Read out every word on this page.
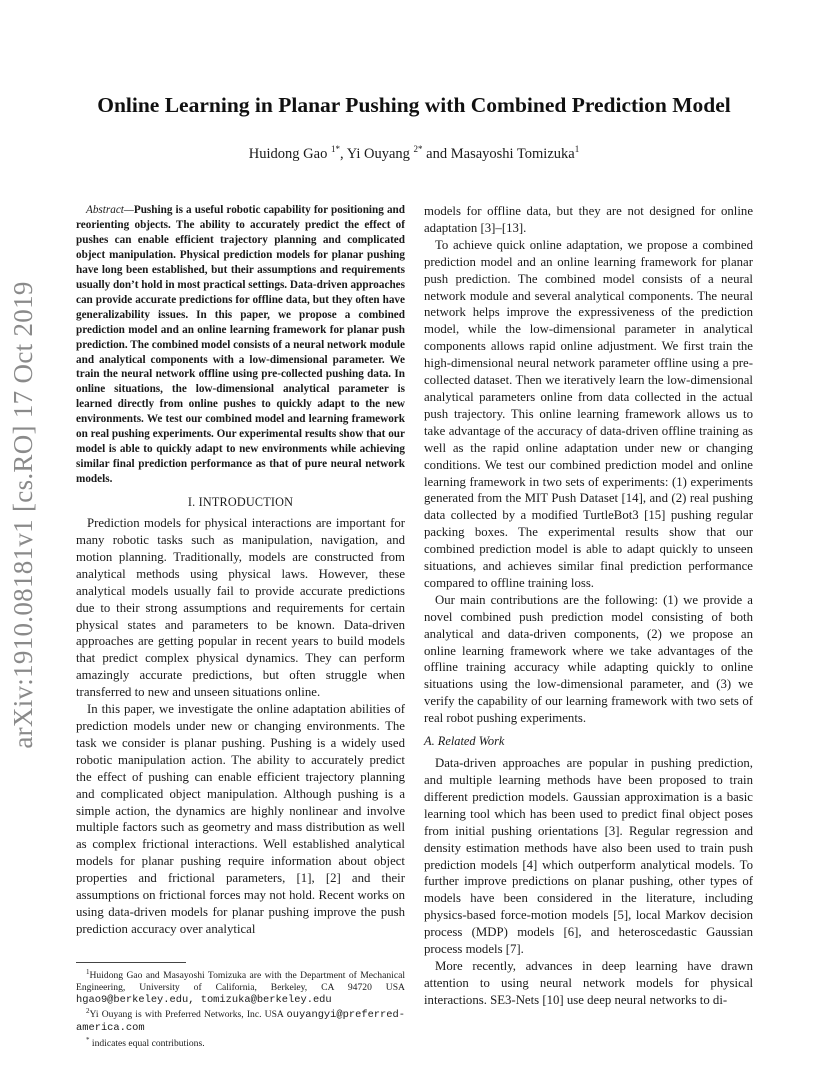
arXiv:1910.08181v1 [cs.RO] 17 Oct 2019
Online Learning in Planar Pushing with Combined Prediction Model
Huidong Gao $^{1*}$, Yi Ouyang $^{2*}$ and Masayoshi Tomizuka$^1$

Abstract—Pushing is a useful robotic capability for positioning and reorienting objects. The ability to accurately predict the effect of pushes can enable efficient trajectory planning and complicated object manipulation. Physical prediction models for planar pushing have long been established, but their assumptions and requirements usually don’t hold in most practical settings. Data-driven approaches can provide accurate predictions for offline data, but they often have generalizability issues. In this paper, we propose a combined prediction model and an online learning framework for planar push prediction. The combined model consists of a neural network module and analytical components with a low-dimensional parameter. We train the neural network offline using pre-collected pushing data. In online situations, the low-dimensional analytical parameter is learned directly from online pushes to quickly adapt to the new environments. We test our combined model and learning framework on real pushing experiments. Our experimental results show that our model is able to quickly adapt to new environments while achieving similar final prediction performance as that of pure neural network models.

I. INTRODUCTION

Prediction models for physical interactions are important for many robotic tasks such as manipulation, navigation, and motion planning. Traditionally, models are constructed from analytical methods using physical laws. However, these analytical models usually fail to provide accurate predictions due to their strong assumptions and requirements for certain physical states and parameters to be known. Data-driven approaches are getting popular in recent years to build models that predict complex physical dynamics. They can perform amazingly accurate predictions, but often struggle when transferred to new and unseen situations online.

In this paper, we investigate the online adaptation abilities of prediction models under new or changing environments. The task we consider is planar pushing. Pushing is a widely used robotic manipulation action. The ability to accurately predict the effect of pushing can enable efficient trajectory planning and complicated object manipulation. Although pushing is a simple action, the dynamics are highly nonlinear and involve multiple factors such as geometry and mass distribution as well as complex frictional interactions. Well established analytical models for planar pushing require information about object properties and frictional parameters, [1], [2] and their assumptions on frictional forces may not hold. Recent works on using data-driven models for planar pushing improve the push prediction accuracy over analytical

$^1$Huidong Gao and Masayoshi Tomizuka are with the Department of Mechanical Engineering, University of California, Berkeley, CA 94720 USA hgao9@berkeley.edu, tomizuka@berkeley.edu

$^2$Yi Ouyang is with Preferred Networks, Inc. USA ouyangyi@preferred-america.com

* indicates equal contributions.

models for offline data, but they are not designed for online adaptation [3]–[13].

To achieve quick online adaptation, we propose a combined prediction model and an online learning framework for planar push prediction. The combined model consists of a neural network module and several analytical components. The neural network helps improve the expressiveness of the prediction model, while the low-dimensional parameter in analytical components allows rapid online adjustment. We first train the high-dimensional neural network parameter offline using a pre-collected dataset. Then we iteratively learn the low-dimensional analytical parameters online from data collected in the actual push trajectory. This online learning framework allows us to take advantage of the accuracy of data-driven offline training as well as the rapid online adaptation under new or changing conditions. We test our combined prediction model and online learning framework in two sets of experiments: (1) experiments generated from the MIT Push Dataset [14], and (2) real pushing data collected by a modified TurtleBot3 [15] pushing regular packing boxes. The experimental results show that our combined prediction model is able to adapt quickly to unseen situations, and achieves similar final prediction performance compared to offline training loss.

Our main contributions are the following: (1) we provide a novel combined push prediction model consisting of both analytical and data-driven components, (2) we propose an online learning framework where we take advantages of the offline training accuracy while adapting quickly to online situations using the low-dimensional parameter, and (3) we verify the capability of our learning framework with two sets of real robot pushing experiments.

A. Related Work

Data-driven approaches are popular in pushing prediction, and multiple learning methods have been proposed to train different prediction models. Gaussian approximation is a basic learning tool which has been used to predict final object poses from initial pushing orientations [3]. Regular regression and density estimation methods have also been used to train push prediction models [4] which outperform analytical models. To further improve predictions on planar pushing, other types of models have been considered in the literature, including physics-based force-motion models [5], local Markov decision process (MDP) models [6], and heteroscedastic Gaussian process models [7].

More recently, advances in deep learning have drawn attention to using neural network models for physical interactions. SE3-Nets [10] use deep neural networks to di-
